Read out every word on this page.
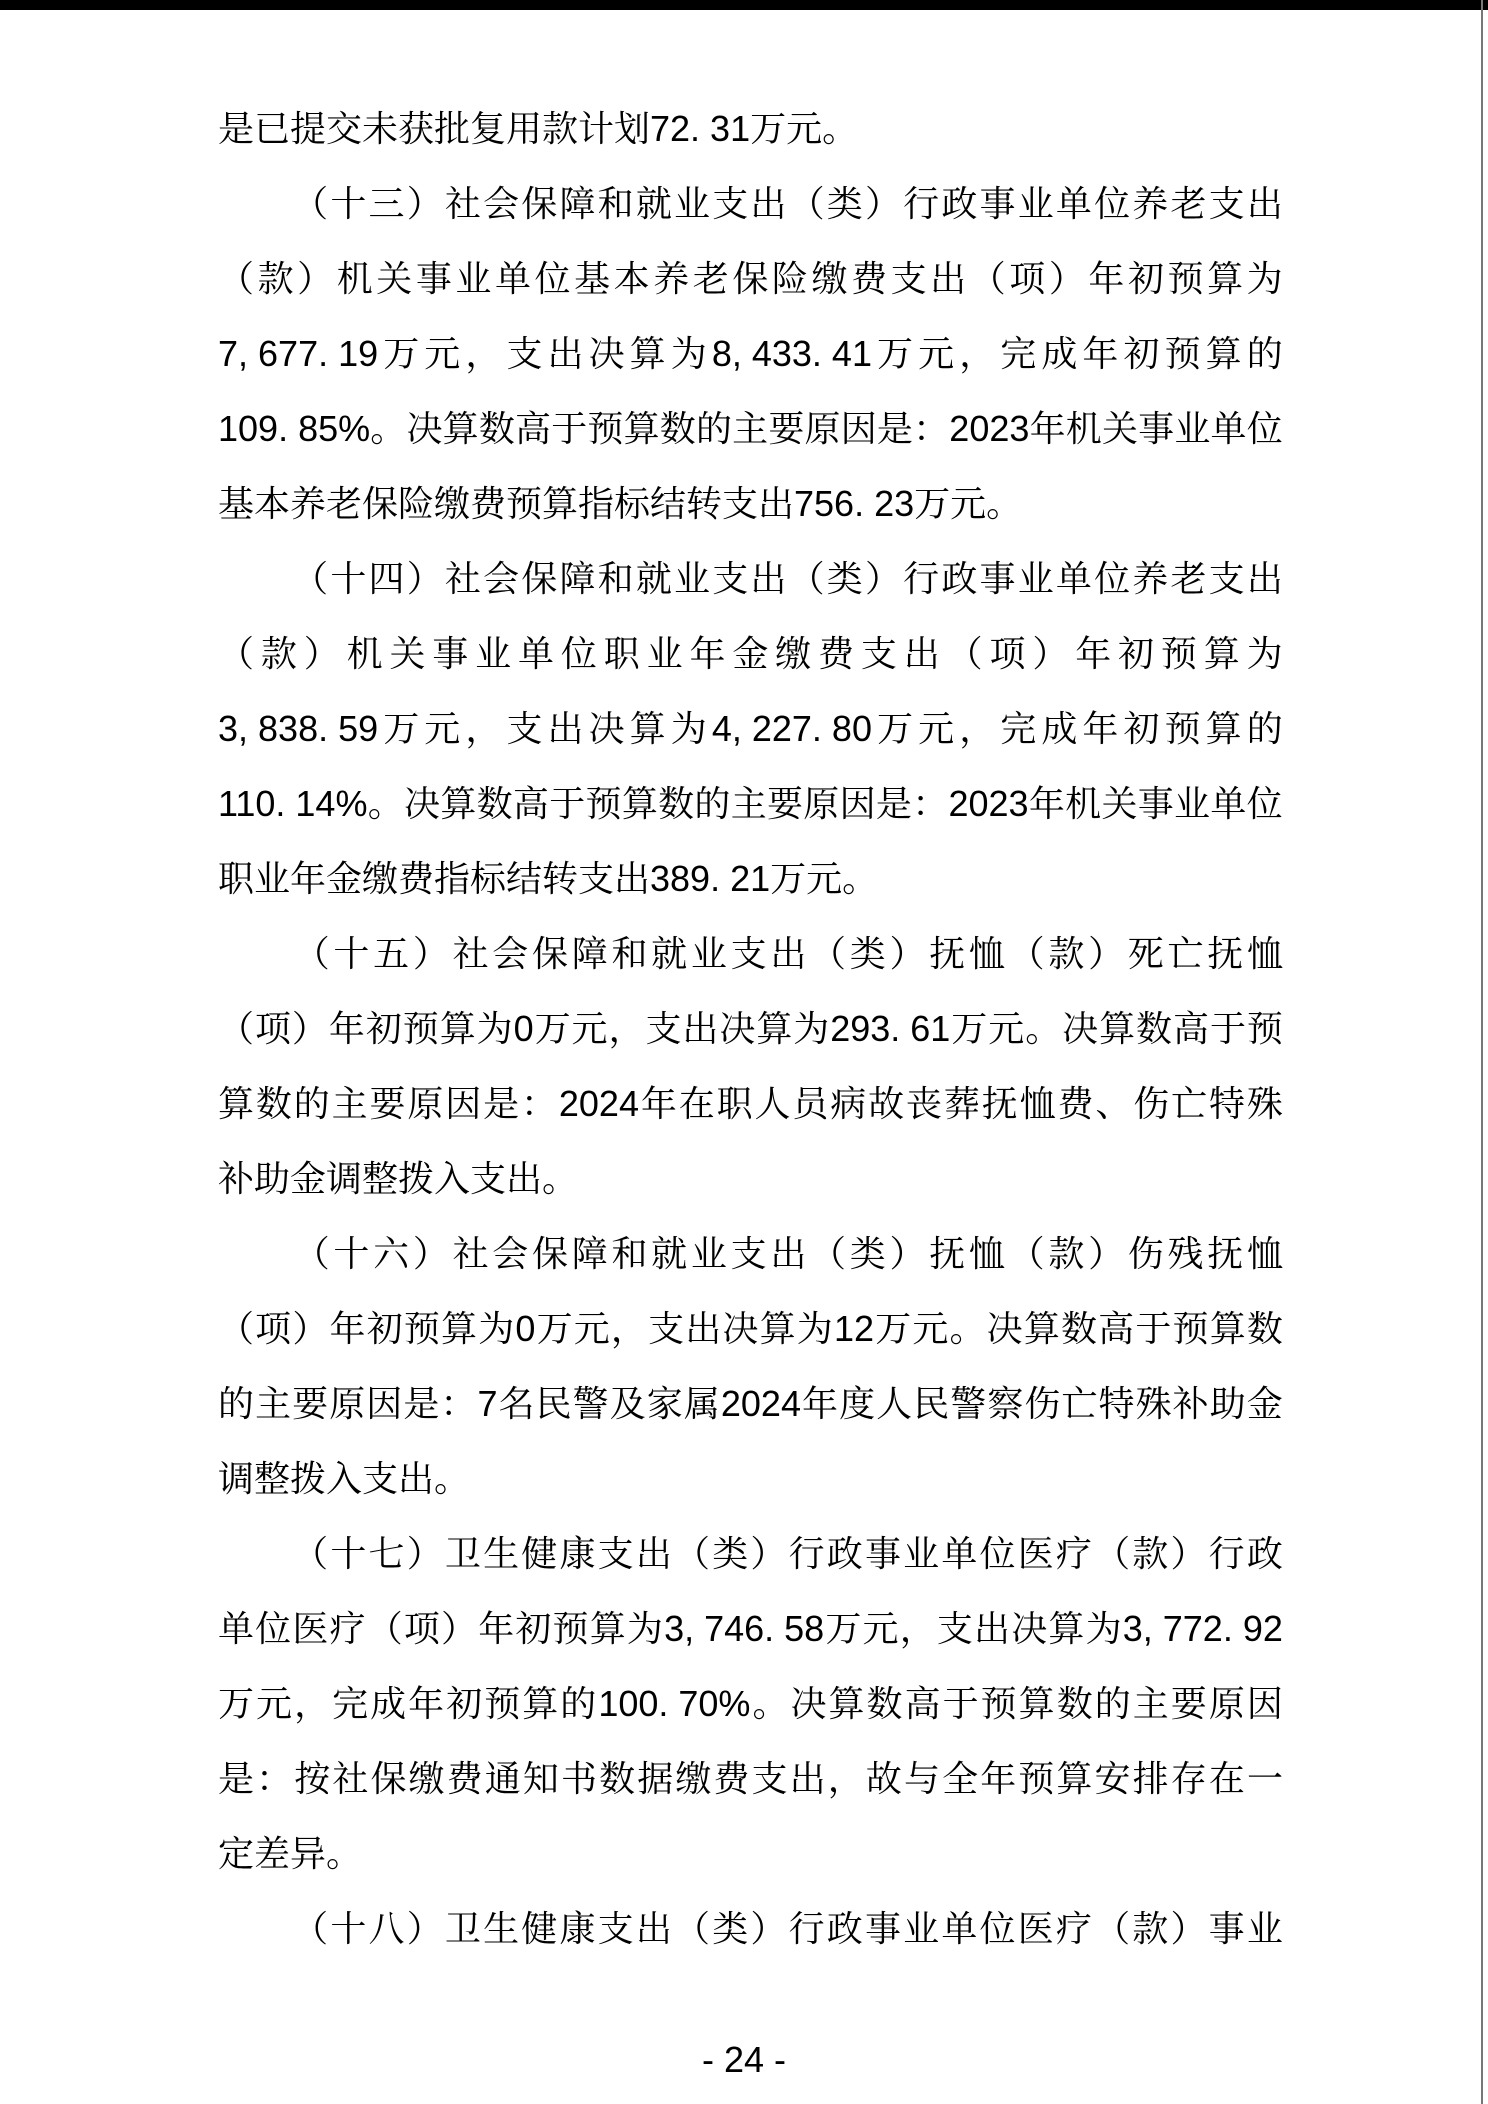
是已提交未获批复用款计划72. 31万元。
（ 十 三 ） 社 会 保 障 和 就 业 支 出 （ 类 ） 行 政 事 业 单 位 养 老 支 出
（ 款 ） 机 关 事 业 单 位 基 本 养 老 保 险 缴 费 支 出 （ 项 ） 年 初 预 算 为
7, 677. 19 万 元 ， 支 出 决 算 为 8, 433. 41 万 元 ， 完 成 年 初 预 算 的
109. 85% 。 决 算 数 高 于 预 算 数 的 主 要 原 因 是 ： 2023 年 机 关 事 业 单 位
基本养老保险缴费预算指标结转支出756. 23万元。
（ 十 四 ） 社 会 保 障 和 就 业 支 出 （ 类 ） 行 政 事 业 单 位 养 老 支 出
（ 款 ） 机 关 事 业 单 位 职 业 年 金 缴 费 支 出 （ 项 ） 年 初 预 算 为
3, 838. 59 万 元 ， 支 出 决 算 为 4, 227. 80 万 元 ， 完 成 年 初 预 算 的
110. 14% 。 决 算 数 高 于 预 算 数 的 主 要 原 因 是 ： 2023 年 机 关 事 业 单 位
职业年金缴费指标结转支出389. 21万元。
（ 十 五 ） 社 会 保 障 和 就 业 支 出 （ 类 ） 抚 恤 （ 款 ） 死 亡 抚 恤
（ 项 ） 年 初 预 算 为 0 万 元 ， 支 出 决 算 为 293. 61 万 元 。 决 算 数 高 于 预
算 数 的 主 要 原 因 是 ： 2024 年 在 职 人 员 病 故 丧 葬 抚 恤 费 、 伤 亡 特 殊
补助金调整拨入支出。
（ 十 六 ） 社 会 保 障 和 就 业 支 出 （ 类 ） 抚 恤 （ 款 ） 伤 残 抚 恤
（ 项 ） 年 初 预 算 为 0 万 元 ， 支 出 决 算 为 12 万 元 。 决 算 数 高 于 预 算 数
的 主 要 原 因 是 ： 7 名 民 警 及 家 属 2024 年 度 人 民 警 察 伤 亡 特 殊 补 助 金
调整拨入支出。
（ 十 七 ） 卫 生 健 康 支 出 （ 类 ） 行 政 事 业 单 位 医 疗 （ 款 ） 行 政
单 位 医 疗 （ 项 ） 年 初 预 算 为 3, 746. 58 万 元 ， 支 出 决 算 为 3, 772. 92
万 元 ， 完 成 年 初 预 算 的 100. 70% 。 决 算 数 高 于 预 算 数 的 主 要 原 因
是 ： 按 社 保 缴 费 通 知 书 数 据 缴 费 支 出 ， 故 与 全 年 预 算 安 排 存 在 一
定差异。
（ 十 八 ） 卫 生 健 康 支 出 （ 类 ） 行 政 事 业 单 位 医 疗 （ 款 ） 事 业
- 24 -
